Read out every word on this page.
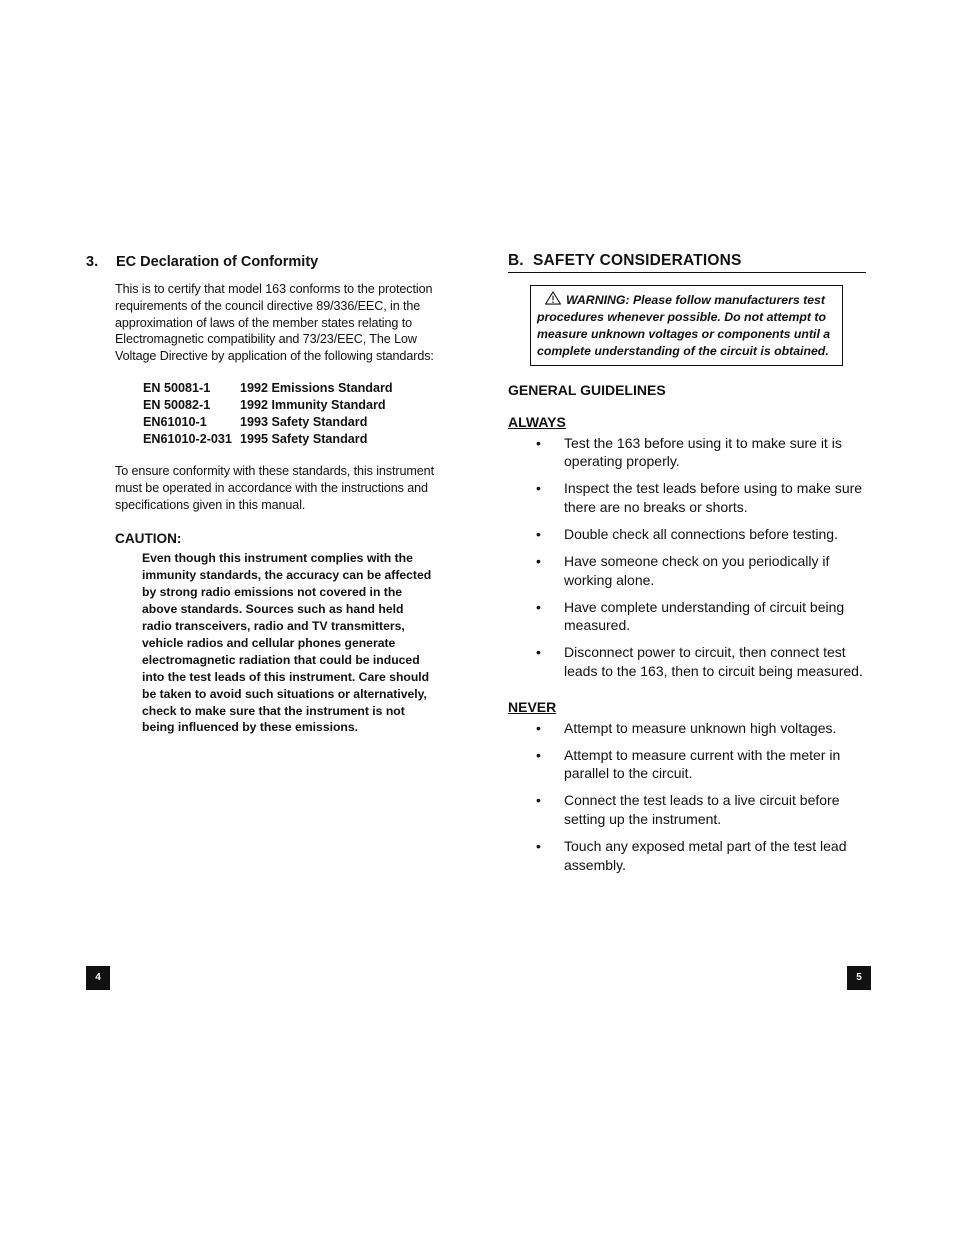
3. EC Declaration of Conformity
This is to certify that model 163 conforms to the protection requirements of the council directive 89/336/EEC, in the approximation of laws of the member states relating to Electromagnetic compatibility and 73/23/EEC, The Low Voltage Directive by application of the following standards:
EN 50081-1	1992 Emissions Standard
EN 50082-1	1992 Immunity Standard
EN61010-1	1993 Safety Standard
EN61010-2-031	1995 Safety Standard
To ensure conformity with these standards, this instrument must be operated in accordance with the instructions and specifications given in this manual.
CAUTION:
Even though this instrument complies with the immunity standards, the accuracy can be affected by strong radio emissions not covered in the above standards. Sources such as hand held radio transceivers, radio and TV transmitters, vehicle radios and cellular phones generate electromagnetic radiation that could be induced into the test leads of this instrument. Care should be taken to avoid such situations or alternatively, check to make sure that the instrument is not being influenced by these emissions.
B. SAFETY CONSIDERATIONS
WARNING: Please follow manufacturers test procedures whenever possible. Do not attempt to measure unknown voltages or components until a complete understanding of the circuit is obtained.
GENERAL GUIDELINES
ALWAYS
• Test the 163 before using it to make sure it is operating properly.
• Inspect the test leads before using to make sure there are no breaks or shorts.
• Double check all connections before testing.
• Have someone check on you periodically if working alone.
• Have complete understanding of circuit being measured.
• Disconnect power to circuit, then connect test leads to the 163, then to circuit being measured.
NEVER
• Attempt to measure unknown high voltages.
• Attempt to measure current with the meter in parallel to the circuit.
• Connect the test leads to a live circuit before setting up the instrument.
• Touch any exposed metal part of the test lead assembly.
4	5
